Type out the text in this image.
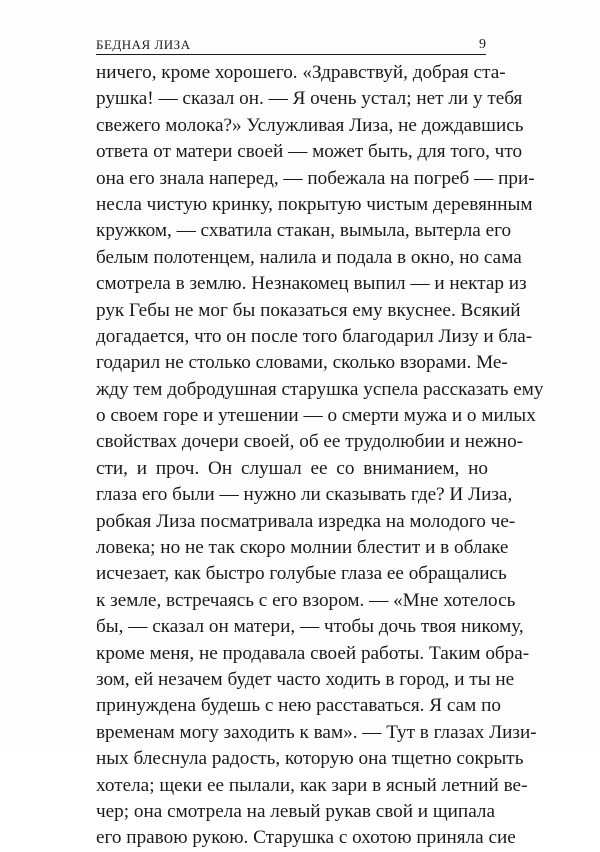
БЕДНАЯ ЛИЗА	9
ничего, кроме хорошего. «Здравствуй, добрая ста-
рушка! — сказал он. — Я очень устал; нет ли у тебя
свежего молока?» Услужливая Лиза, не дождавшись
ответа от матери своей — может быть, для того, что
она его знала наперед, — побежала на погреб — при-
несла чистую кринку, покрытую чистым деревянным
кружком, — схватила стакан, вымыла, вытерла его
белым полотенцем, налила и подала в окно, но сама
смотрела в землю. Незнакомец выпил — и нектар из
рук Гебы не мог бы показаться ему вкуснее. Всякий
догадается, что он после того благодарил Лизу и бла-
годарил не столько словами, сколько взорами. Ме-
жду тем добродушная старушка успела рассказать ему
о своем горе и утешении — о смерти мужа и о милых
свойствах дочери своей, об ее трудолюбии и нежно-
сти, и проч. Он слушал ее со вниманием, но
глаза его были — нужно ли сказывать где? И Лиза,
робкая Лиза посматривала изредка на молодого че-
ловека; но не так скоро молнии блестит и в облаке
исчезает, как быстро голубые глаза ее обращались
к земле, встречаясь с его взором. — «Мне хотелось
бы, — сказал он матери, — чтобы дочь твоя никому,
кроме меня, не продавала своей работы. Таким обра-
зом, ей незачем будет часто ходить в город, и ты не
принуждена будешь с нею расставаться. Я сам по
временам могу заходить к вам». — Тут в глазах Лизи-
ных блеснула радость, которую она тщетно сокрыть
хотела; щеки ее пылали, как зари в ясный летний ве-
чер; она смотрела на левый рукав свой и щипала
его правою рукою. Старушка с охотою приняла сие
